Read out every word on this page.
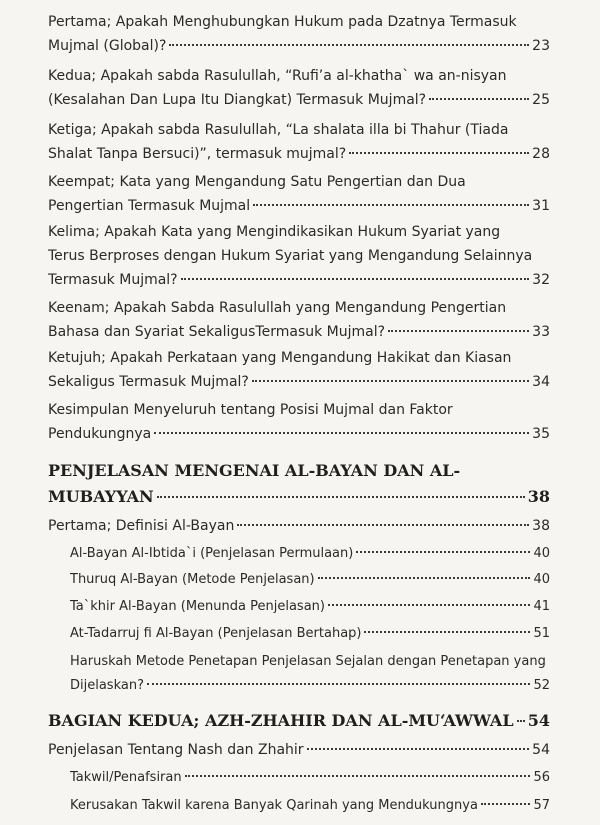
Pertama; Apakah Menghubungkan Hukum pada Dzatnya Termasuk
Mujmal (Global)?	23
Kedua; Apakah sabda Rasulullah, “Rufi’a al-khatha` wa an-nisyan
(Kesalahan Dan Lupa Itu Diangkat) Termasuk Mujmal?	25
Ketiga; Apakah sabda Rasulullah, “La shalata illa bi Thahur (Tiada
Shalat Tanpa Bersuci)”, termasuk mujmal?	28
Keempat; Kata yang Mengandung Satu Pengertian dan Dua
Pengertian Termasuk Mujmal	31
Kelima; Apakah Kata yang Mengindikasikan Hukum Syariat yang
Terus Berproses dengan Hukum Syariat yang Mengandung Selainnya
Termasuk Mujmal?	32
Keenam; Apakah Sabda Rasulullah yang Mengandung Pengertian
Bahasa dan Syariat SekaligusTermasuk Mujmal?	33
Ketujuh; Apakah Perkataan yang Mengandung Hakikat dan Kiasan
Sekaligus Termasuk Mujmal?	34
Kesimpulan Menyeluruh tentang Posisi Mujmal dan Faktor
Pendukungnya	35
PENJELASAN MENGENAI AL-BAYAN DAN AL-
MUBAYYAN	38
Pertama; Definisi Al-Bayan	38
Al-Bayan Al-Ibtida`i (Penjelasan Permulaan)	40
Thuruq Al-Bayan (Metode Penjelasan)	40
Ta`khir Al-Bayan (Menunda Penjelasan)	41
At-Tadarruj fi Al-Bayan (Penjelasan Bertahap)	51
Haruskah Metode Penetapan Penjelasan Sejalan dengan Penetapan yang
Dijelaskan?	52
BAGIAN KEDUA; AZH-ZHAHIR DAN AL-MUʻAWWAL 54
Penjelasan Tentang Nash dan Zhahir	54
Takwil/Penafsiran	56
Kerusakan Takwil karena Banyak Qarinah yang Mendukungnya	57
